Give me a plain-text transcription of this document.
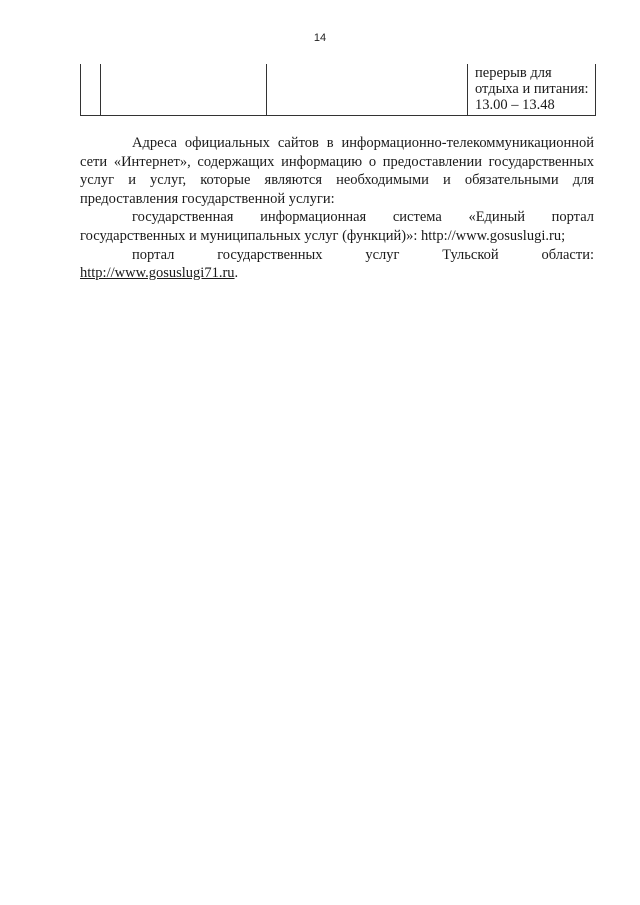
14

перерыв для
отдыха и питания:
13.00 – 13.48

Адреса официальных сайтов в информационно-телекоммуникационной сети «Интернет», содержащих информацию о предоставлении государственных услуг и услуг, которые являются необходимыми и обязательными для предоставления государственной услуги:

государственная информационная система «Единый портал государственных и муниципальных услуг (функций)»: http://www.gosuslugi.ru;

портал государственных услуг Тульской области: http://www.gosuslugi71.ru.
